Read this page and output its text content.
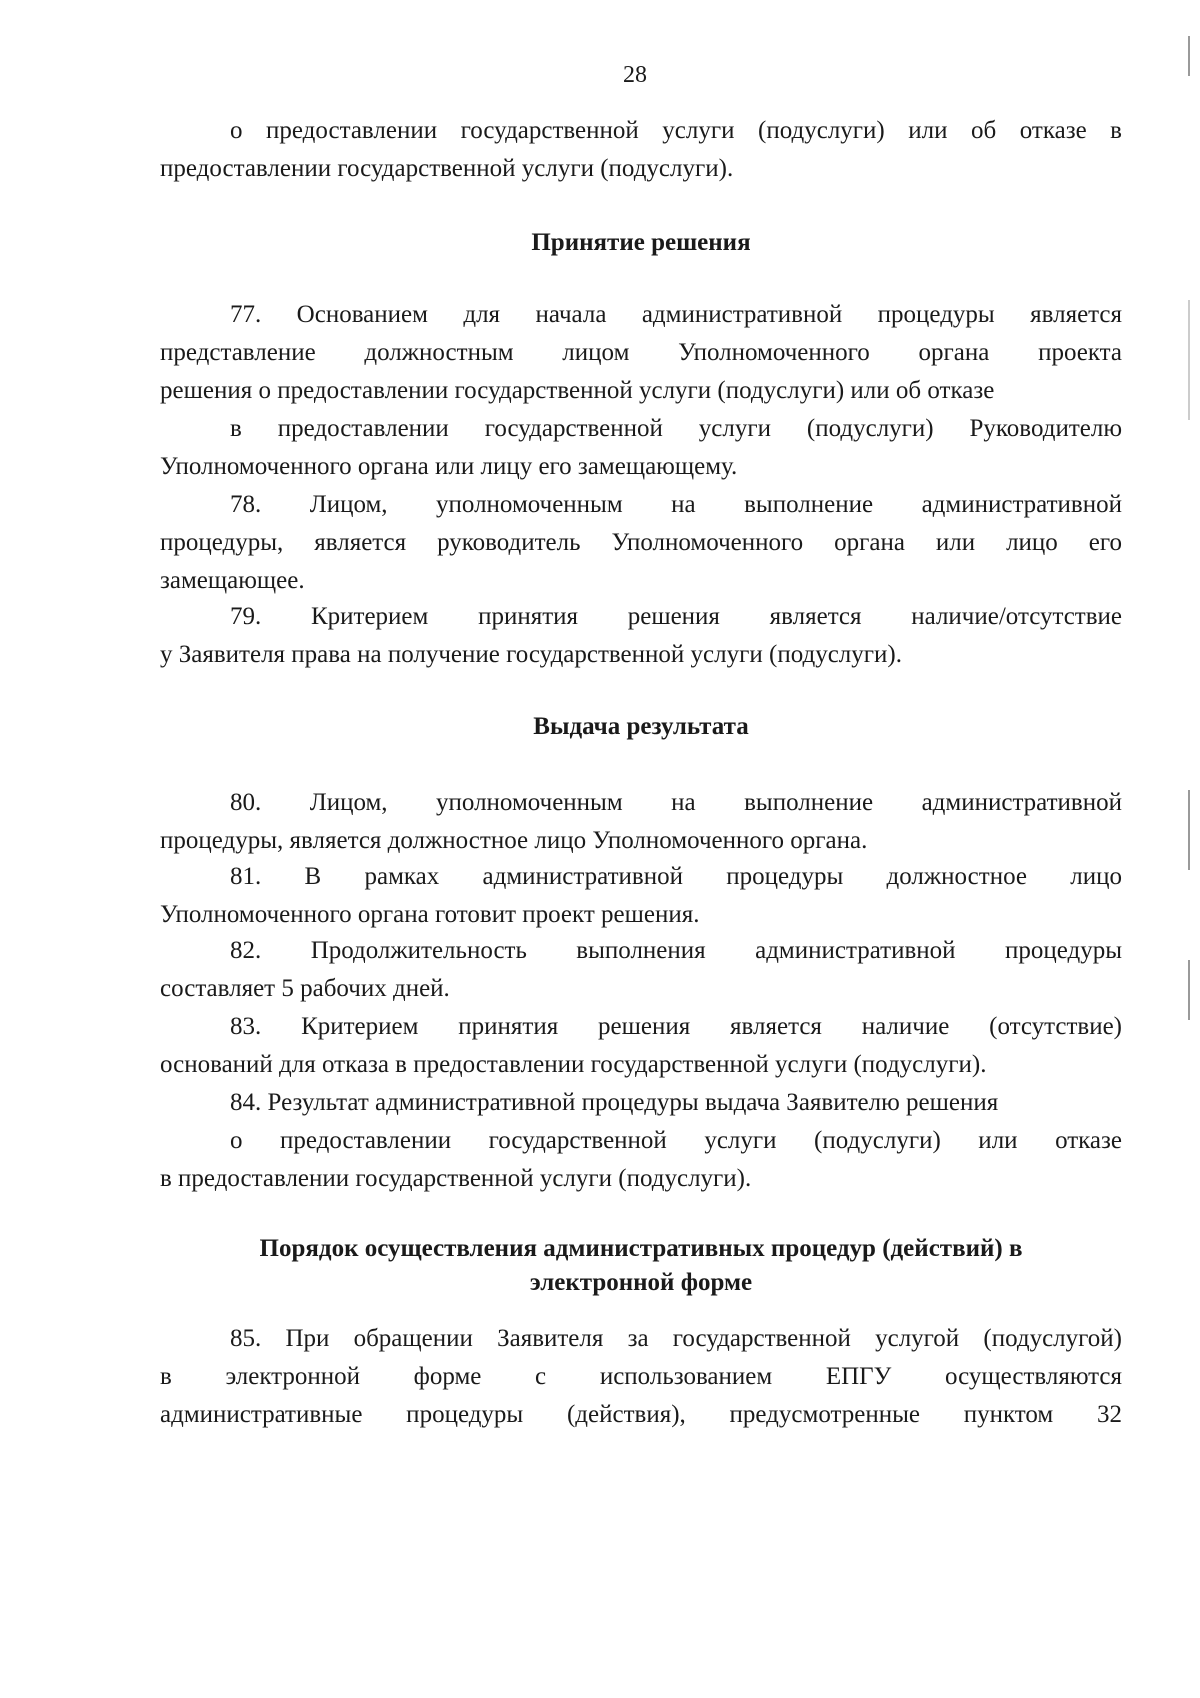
28
о предоставлении государственной услуги (подуслуги) или об отказе в
предоставлении государственной услуги (подуслуги).
Принятие решения
77. Основанием для начала административной процедуры является
представление должностным лицом Уполномоченного органа проекта
решения о предоставлении государственной услуги (подуслуги) или об отказе
в предоставлении государственной услуги (подуслуги) Руководителю
Уполномоченного органа или лицу его замещающему.
78. Лицом, уполномоченным на выполнение административной
процедуры, является руководитель Уполномоченного органа или лицо его
замещающее.
79. Критерием принятия решения является наличие/отсутствие
у Заявителя права на получение государственной услуги (подуслуги).
Выдача результата
80. Лицом, уполномоченным на выполнение административной
процедуры, является должностное лицо Уполномоченного органа.
81. В рамках административной процедуры должностное лицо
Уполномоченного органа готовит проект решения.
82. Продолжительность выполнения административной процедуры
составляет 5 рабочих дней.
83. Критерием принятия решения является наличие (отсутствие)
оснований для отказа в предоставлении государственной услуги (подуслуги).
84. Результат административной процедуры выдача Заявителю решения
о предоставлении государственной услуги (подуслуги) или отказе
в предоставлении государственной услуги (подуслуги).
Порядок осуществления административных процедур (действий) в
электронной форме
85. При обращении Заявителя за государственной услугой (подуслугой)
в электронной форме с использованием ЕПГУ осуществляются
административные процедуры (действия), предусмотренные пунктом 32
